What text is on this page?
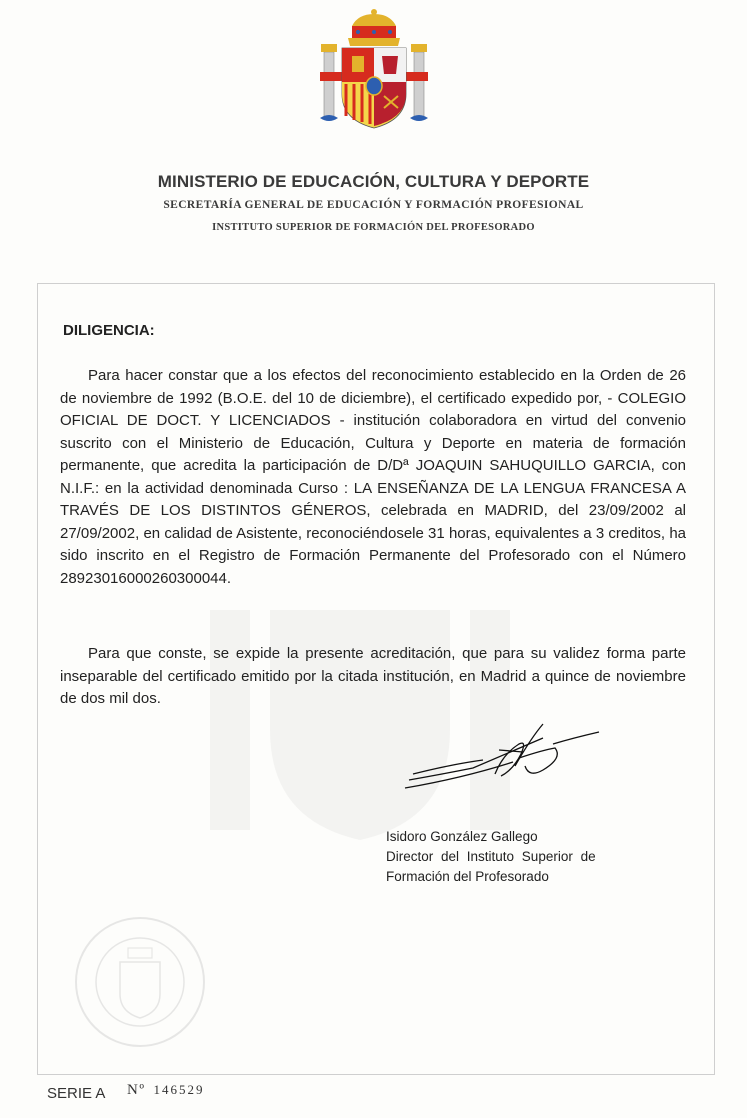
MINISTERIO DE EDUCACIÓN, CULTURA Y DEPORTE
SECRETARÍA GENERAL DE EDUCACIÓN Y FORMACIÓN PROFESIONAL
INSTITUTO SUPERIOR DE FORMACIÓN DEL PROFESORADO
DILIGENCIA:
Para hacer constar que a los efectos del reconocimiento establecido en la Orden de 26 de noviembre de 1992 (B.O.E. del 10 de diciembre), el certificado expedido por, - COLEGIO OFICIAL DE DOCT. Y LICENCIADOS - institución colaboradora en virtud del convenio suscrito con el Ministerio de Educación, Cultura y Deporte en materia de formación permanente, que acredita la participación de D/Dª JOAQUIN SAHUQUILLO GARCIA, con N.I.F.: en la actividad denominada Curso : LA ENSEÑANZA DE LA LENGUA FRANCESA A TRAVÉS DE LOS DISTINTOS GÉNEROS, celebrada en MADRID, del 23/09/2002 al 27/09/2002, en calidad de Asistente, reconociéndosele 31 horas, equivalentes a 3 creditos, ha sido inscrito en el Registro de Formación Permanente del Profesorado con el Número 28923016000260300044.
Para que conste, se expide la presente acreditación, que para su validez forma parte inseparable del certificado emitido por la citada institución, en Madrid a quince de noviembre de dos mil dos.
Isidoro González Gallego
Director del Instituto Superior de
Formación del Profesorado
SERIE A Nº 146529
